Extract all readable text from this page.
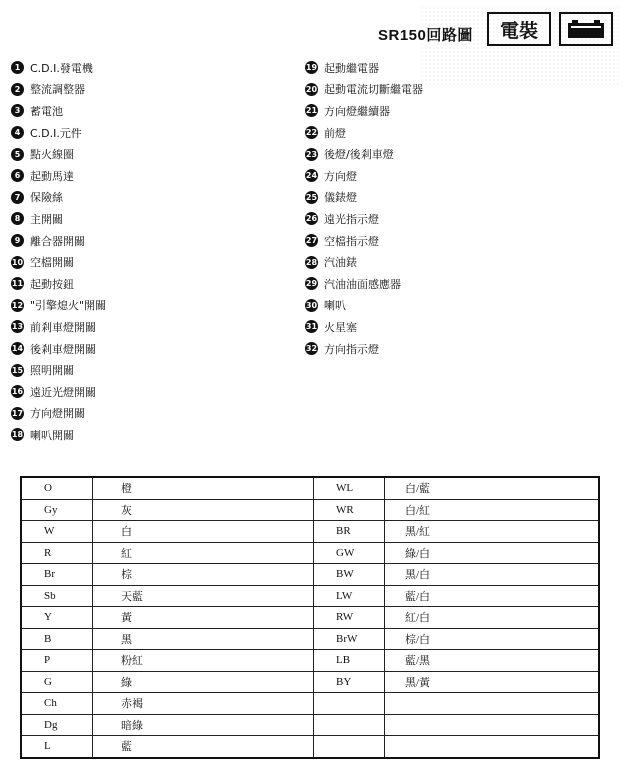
SR150回路圖	電裝
1 C.D.I.發電機
2 整流調整器
3 蓄電池
4 C.D.I.元件
5 點火線圈
6 起動馬達
7 保險絲
8 主開關
9 離合器開關
10 空檔開關
11 起動按鈕
12 "引擎熄火"開關
13 前剎車燈開關
14 後剎車燈開關
15 照明開關
16 遠近光燈開關
17 方向燈開關
18 喇叭開關
19 起動繼電器
20 起動電流切斷繼電器
21 方向燈繼續器
22 前燈
23 後燈/後剎車燈
24 方向燈
25 儀錶燈
26 遠光指示燈
27 空檔指示燈
28 汽油錶
29 汽油油面感應器
30 喇叭
31 火星塞
32 方向指示燈
O	橙	WL	白/藍
Gy	灰	WR	白/紅
W	白	BR	黑/紅
R	紅	GW	綠/白
Br	棕	BW	黑/白
Sb	天藍	LW	藍/白
Y	黃	RW	紅/白
B	黑	BrW	棕/白
P	粉紅	LB	藍/黑
G	綠	BY	黑/黃
Ch	赤褐		
Dg	暗綠		
L	藍		
